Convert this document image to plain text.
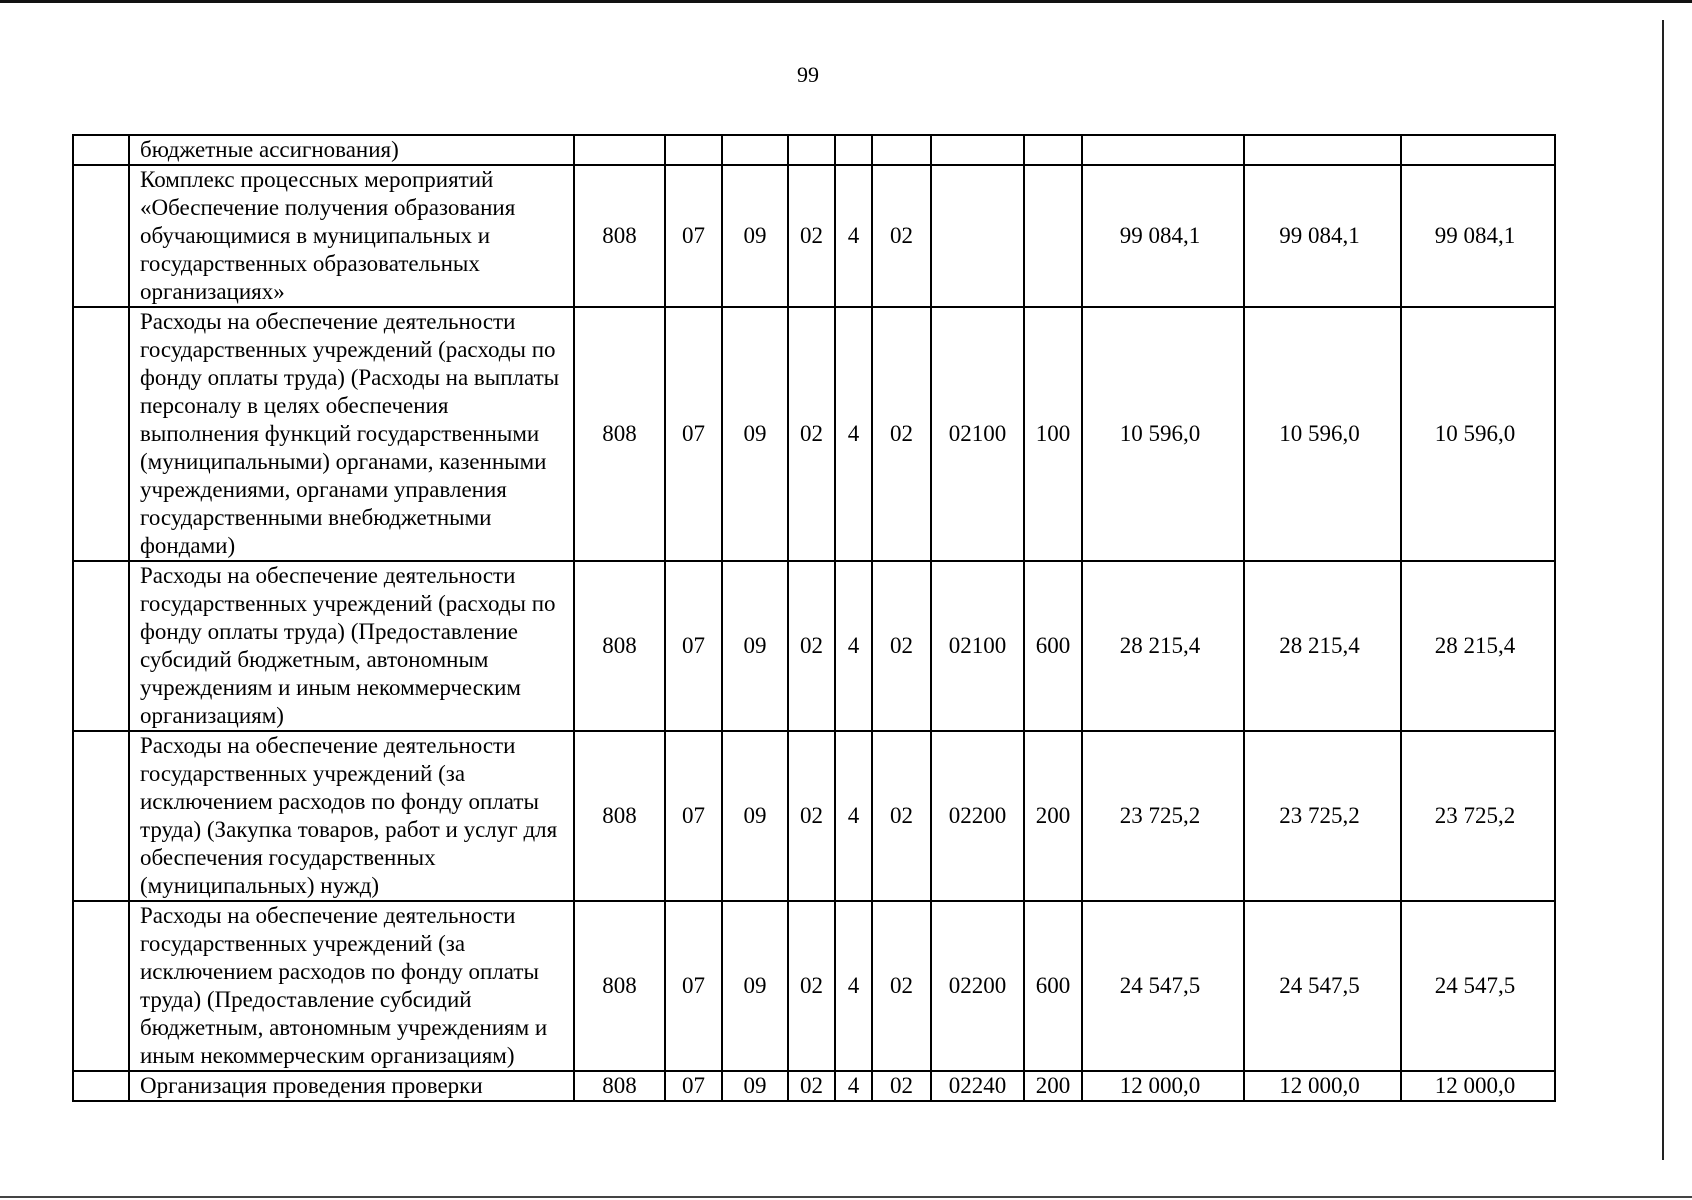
99
	бюджетные ассигнования)											
	Комплекс процессных мероприятий «Обеспечение получения образования обучающимися в муниципальных и государственных образовательных организациях»	808	07	09	02	4	02			99 084,1	99 084,1	99 084,1
	Расходы на обеспечение деятельности государственных учреждений (расходы по фонду оплаты труда) (Расходы на выплаты персоналу в целях обеспечения выполнения функций государственными (муниципальными) органами, казенными учреждениями, органами управления государственными внебюджетными фондами)	808	07	09	02	4	02	02100	100	10 596,0	10 596,0	10 596,0
	Расходы на обеспечение деятельности государственных учреждений (расходы по фонду оплаты труда) (Предоставление субсидий бюджетным, автономным учреждениям и иным некоммерческим организациям)	808	07	09	02	4	02	02100	600	28 215,4	28 215,4	28 215,4
	Расходы на обеспечение деятельности государственных учреждений (за исключением расходов по фонду оплаты труда) (Закупка товаров, работ и услуг для обеспечения государственных (муниципальных) нужд)	808	07	09	02	4	02	02200	200	23 725,2	23 725,2	23 725,2
	Расходы на обеспечение деятельности государственных учреждений (за исключением расходов по фонду оплаты труда) (Предоставление субсидий бюджетным, автономным учреждениям и иным некоммерческим организациям)	808	07	09	02	4	02	02200	600	24 547,5	24 547,5	24 547,5
	Организация проведения проверки	808	07	09	02	4	02	02240	200	12 000,0	12 000,0	12 000,0
